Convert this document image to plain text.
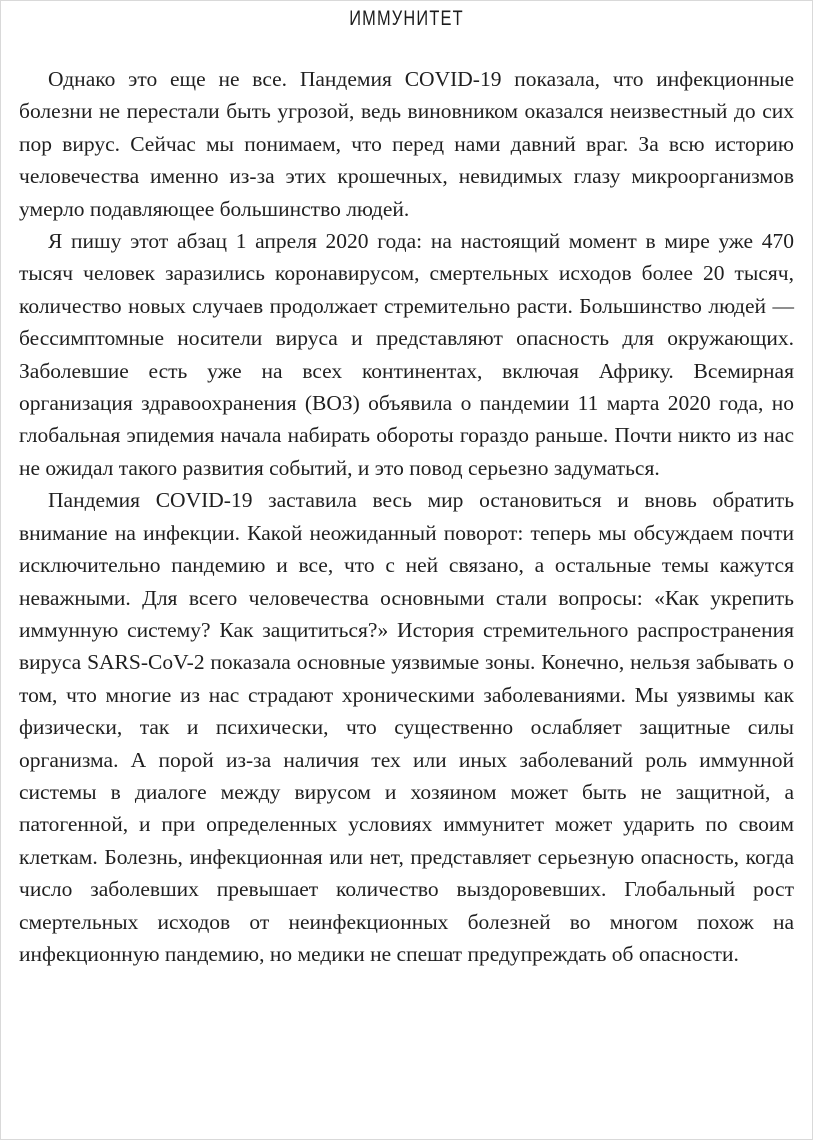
ИММУНИТЕТ

Однако это еще не все. Пандемия COVID-19 показала, что инфекционные болезни не перестали быть угрозой, ведь виновником оказался неизвестный до сих пор вирус. Сейчас мы понимаем, что перед нами давний враг. За всю историю человечества именно из-за этих крошечных, невидимых глазу микроорганизмов умерло подавляющее большинство людей.

Я пишу этот абзац 1 апреля 2020 года: на настоящий момент в мире уже 470 тысяч человек заразились коронавирусом, смертельных исходов более 20 тысяч, количество новых случаев продолжает стремительно расти. Большинство людей — бессимптомные носители вируса и представляют опасность для окружающих. Заболевшие есть уже на всех континентах, включая Африку. Всемирная организация здравоохранения (ВОЗ) объявила о пандемии 11 марта 2020 года, но глобальная эпидемия начала набирать обороты гораздо раньше. Почти никто из нас не ожидал такого развития событий, и это повод серьезно задуматься.

Пандемия COVID-19 заставила весь мир остановиться и вновь обратить внимание на инфекции. Какой неожиданный поворот: теперь мы обсуждаем почти исключительно пандемию и все, что с ней связано, а остальные темы кажутся неважными. Для всего человечества основными стали вопросы: «Как укрепить иммунную систему? Как защититься?» История стремительного распространения вируса SARS-CoV-2 показала основные уязвимые зоны. Конечно, нельзя забывать о том, что многие из нас страдают хроническими заболеваниями. Мы уязвимы как физически, так и психически, что существенно ослабляет защитные силы организма. А порой из-за наличия тех или иных заболеваний роль иммунной системы в диалоге между вирусом и хозяином может быть не защитной, а патогенной, и при определенных условиях иммунитет может ударить по своим клеткам. Болезнь, инфекционная или нет, представляет серьезную опасность, когда число заболевших превышает количество выздоровевших. Глобальный рост смертельных исходов от неинфекционных болезней во многом похож на инфекционную пандемию, но медики не спешат предупреждать об опасности.
